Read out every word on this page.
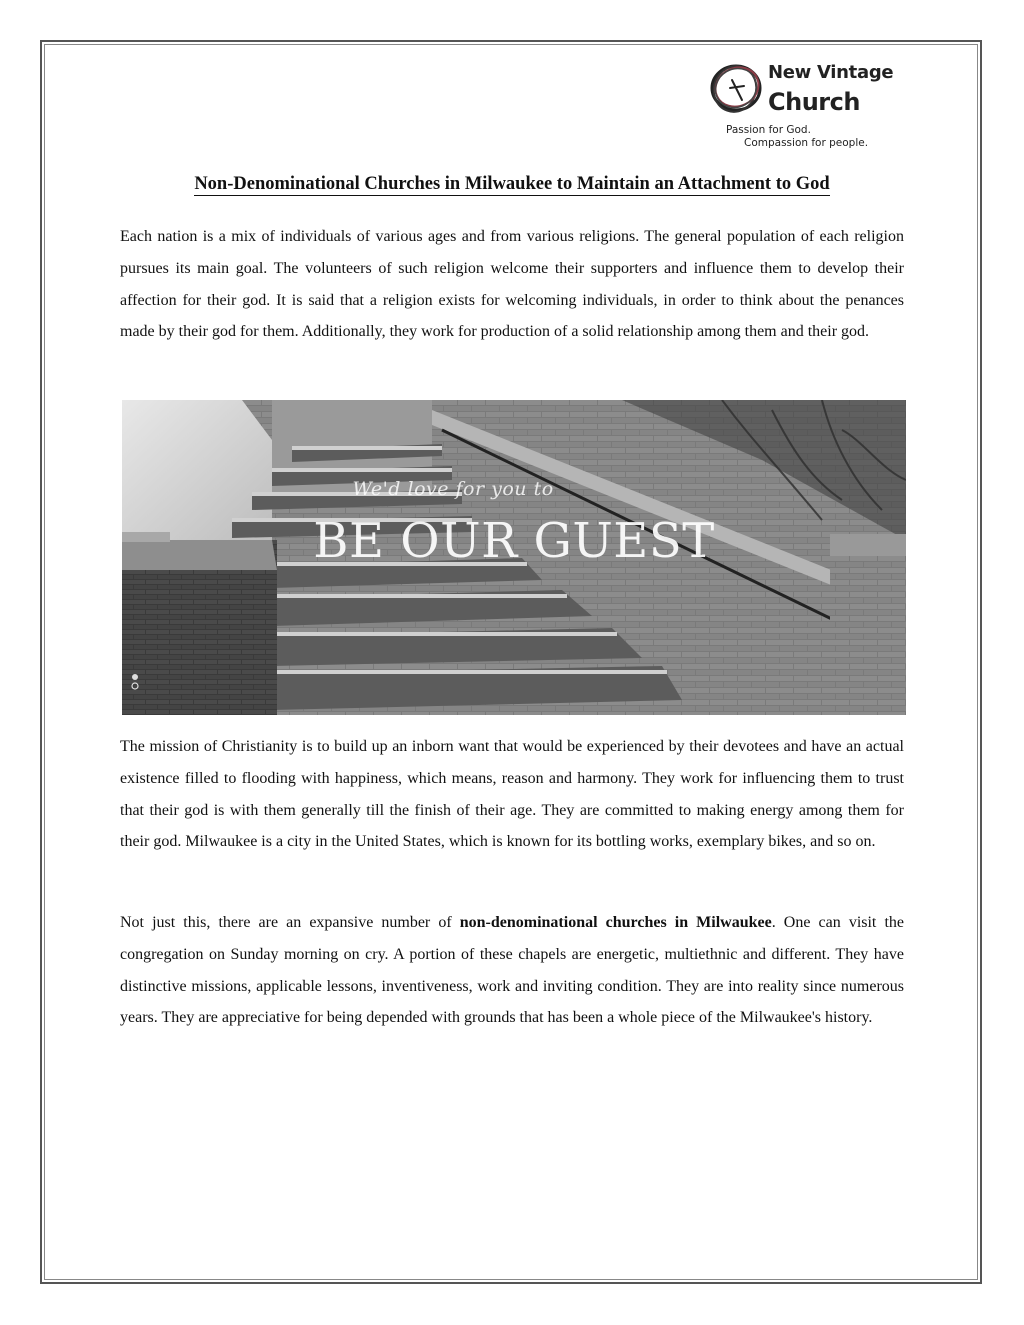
New Vintage
Church
Passion for God.
Compassion for people.
Non-Denominational Churches in Milwaukee to Maintain an Attachment to God

Each nation is a mix of individuals of various ages and from various religions. The general population of each religion pursues its main goal. The volunteers of such religion welcome their supporters and influence them to develop their affection for their god. It is said that a religion exists for welcoming individuals, in order to think about the penances made by their god for them. Additionally, they work for production of a solid relationship among them and their god.

We'd love for you to
BE OUR GUEST

The mission of Christianity is to build up an inborn want that would be experienced by their devotees and have an actual existence filled to flooding with happiness, which means, reason and harmony. They work for influencing them to trust that their god is with them generally till the finish of their age. They are committed to making energy among them for their god. Milwaukee is a city in the United States, which is known for its bottling works, exemplary bikes, and so on.

Not just this, there are an expansive number of non-denominational churches in Milwaukee. One can visit the congregation on Sunday morning on cry. A portion of these chapels are energetic, multiethnic and different. They have distinctive missions, applicable lessons, inventiveness, work and inviting condition. They are into reality since numerous years. They are appreciative for being depended with grounds that has been a whole piece of the Milwaukee's history.
